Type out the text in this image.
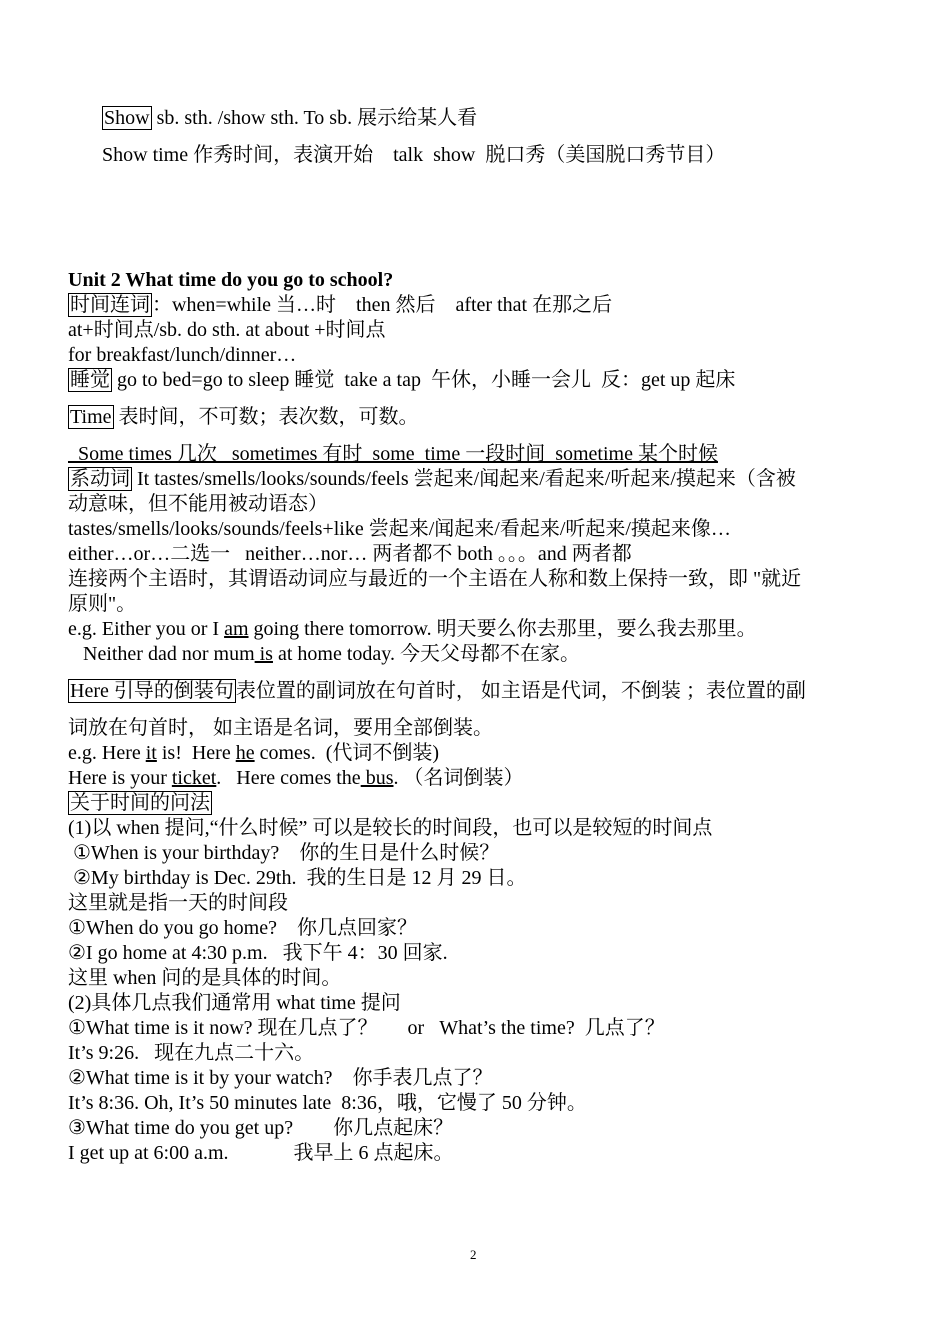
Show sb. sth. /show sth. To sb. 展示给某人看
Show time 作秀时间，表演开始    talk  show  脱口秀（美国脱口秀节目）
Unit 2 What time do you go to school?
时间连词 ：when=while 当…时    then 然后    after that 在那之后
at+时间点/sb. do sth. at about +时间点
for breakfast/lunch/dinner…
睡觉 go to bed=go to sleep 睡觉  take a tap  午休，小睡一会儿  反：get up 起床
Time 表时间，不可数；表次数，可数。
Some times 几次   sometimes 有时  some  time 一段时间  sometime 某个时候
系动词 It tastes/smells/looks/sounds/feels 尝起来/闻起来/看起来/听起来/摸起来（含被
动意味，但不能用被动语态）
tastes/smells/looks/sounds/feels+like 尝起来/闻起来/看起来/听起来/摸起来像…
either…or…二选一   neither…nor… 两者都不 both 。。。and 两者都
连接两个主语时，其谓语动词应与最近的一个主语在人称和数上保持一致，即 "就近
原则"。
e.g. Either you or I am going there tomorrow. 明天要么你去那里，要么我去那里。
Neither dad nor mum is at home today. 今天父母都不在家。
Here 引导的倒装句 表位置的副词放在句首时， 如主语是代词，不倒装 ；表位置的副
词放在句首时， 如主语是名词，要用全部倒装。
e.g. Here it is!  Here he comes.  (代词不倒装)
Here is your ticket.   Here comes the bus. （名词倒装）
关于时间的问法
(1)以 when 提问,“什么时候” 可以是较长的时间段，也可以是较短的时间点
①When is your birthday?    你的生日是什么时候？
②My birthday is Dec. 29th.  我的生日是 12 月 29 日。
这里就是指一天的时间段
①When do you go home?    你几点回家？
②I go home at 4:30 p.m.   我下午 4：30 回家.
这里 when 问的是具体的时间。
(2)具体几点我们通常用 what time 提问
①What time is it now? 现在几点了？      or   What’s the time?  几点了？
It’s 9:26.   现在九点二十六。
②What time is it by your watch?    你手表几点了？
It’s 8:36. Oh, It’s 50 minutes late  8:36，哦，它慢了 50 分钟。
③What time do you get up?        你几点起床？
I get up at 6:00 a.m.             我早上 6 点起床。
2
